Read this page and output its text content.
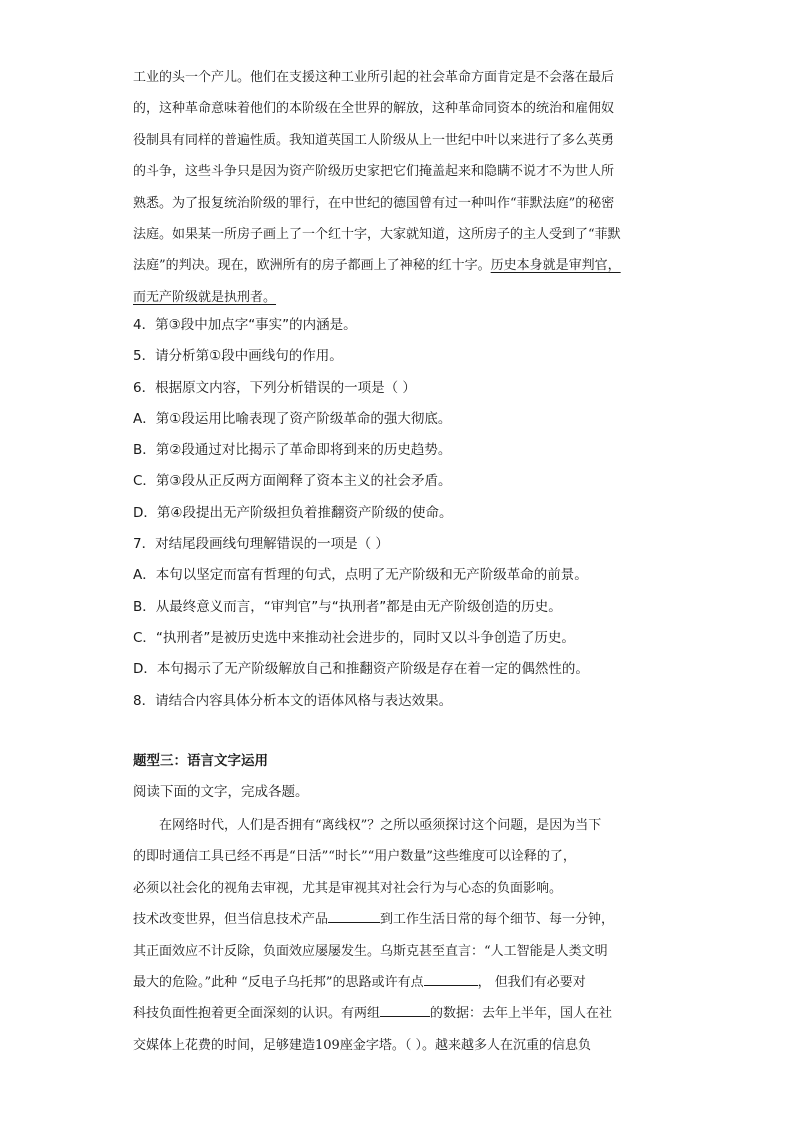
工业的头一个产儿。他们在支援这种工业所引起的社会革命方面肯定是不会落在最后
的，这种革命意味着他们的本阶级在全世界的解放，这种革命同资本的统治和雇佣奴
役制具有同样的普遍性质。我知道英国工人阶级从上一世纪中叶以来进行了多么英勇
的斗争，这些斗争只是因为资产阶级历史家把它们掩盖起来和隐瞒不说才不为世人所
熟悉。为了报复统治阶级的罪行，在中世纪的德国曾有过一种叫作“菲默法庭”的秘密
法庭。如果某一所房子画上了一个红十字，大家就知道，这所房子的主人受到了“菲默
法庭”的判决。现在，欧洲所有的房子都画上了神秘的红十字。历史本身就是审判官，
而无产阶级就是执刑者。
4．第③段中加点字“事实”的内涵是。
5．请分析第①段中画线句的作用。
6．根据原文内容，下列分析错误的一项是（ ）
A．第①段运用比喻表现了资产阶级革命的强大彻底。
B．第②段通过对比揭示了革命即将到来的历史趋势。
C．第③段从正反两方面阐释了资本主义的社会矛盾。
D．第④段提出无产阶级担负着推翻资产阶级的使命。
7．对结尾段画线句理解错误的一项是（ ）
A．本句以坚定而富有哲理的句式，点明了无产阶级和无产阶级革命的前景。
B．从最终意义而言，“审判官”与“执刑者”都是由无产阶级创造的历史。
C．“执刑者”是被历史选中来推动社会进步的，同时又以斗争创造了历史。
D．本句揭示了无产阶级解放自己和推翻资产阶级是存在着一定的偶然性的。
8．请结合内容具体分析本文的语体风格与表达效果。
题型三：语言文字运用
阅读下面的文字，完成各题。
在网络时代，人们是否拥有“离线权”？之所以亟须探讨这个问题，是因为当下
的即时通信工具已经不再是“日活”“时长”“用户数量”这些维度可以诠释的了，
必须以社会化的视角去审视，尤其是审视其对社会行为与心态的负面影响。
技术改变世界，但当信息技术产品	到工作生活日常的每个细节、每一分钟，
其正面效应不计反除，负面效应屡屡发生。乌斯克甚至直言：“人工智能是人类文明
最大的危险。”此种 “反电子乌托邦”的思路或许有点	， 但我们有必要对
科技负面性抱着更全面深刻的认识。有两组	的数据：去年上半年，国人在社
交媒体上花费的时间，足够建造109座金字塔。（ ）。越来越多人在沉重的信息负
